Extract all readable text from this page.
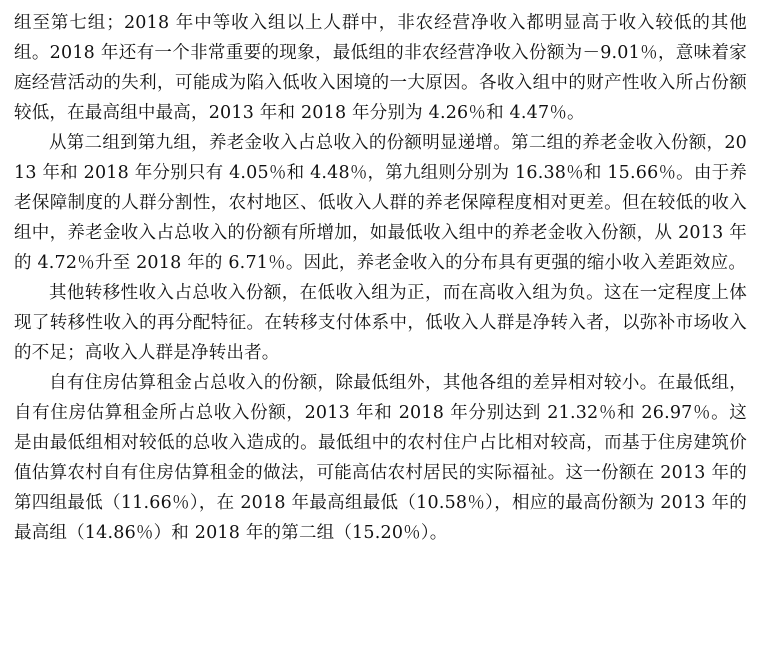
组至第七组；2018 年中等收入组以上人群中，非农经营净收入都明显高于收入较低的其他组。2018 年还有一个非常重要的现象，最低组的非农经营净收入份额为－9.01％，意味着家庭经营活动的失利，可能成为陷入低收入困境的一大原因。各收入组中的财产性收入所占份额较低，在最高组中最高，2013 年和 2018 年分别为 4.26％和 4.47％。

从第二组到第九组，养老金收入占总收入的份额明显递增。第二组的养老金收入份额，2013 年和 2018 年分别只有 4.05％和 4.48％，第九组则分别为 16.38％和 15.66％。由于养老保障制度的人群分割性，农村地区、低收入人群的养老保障程度相对更差。但在较低的收入组中，养老金收入占总收入的份额有所增加，如最低收入组中的养老金收入份额，从 2013 年的 4.72％升至 2018 年的 6.71％。因此，养老金收入的分布具有更强的缩小收入差距效应。

其他转移性收入占总收入份额，在低收入组为正，而在高收入组为负。这在一定程度上体现了转移性收入的再分配特征。在转移支付体系中，低收入人群是净转入者，以弥补市场收入的不足；高收入人群是净转出者。

自有住房估算租金占总收入的份额，除最低组外，其他各组的差异相对较小。在最低组，自有住房估算租金所占总收入份额，2013 年和 2018 年分别达到 21.32％和 26.97％。这是由最低组相对较低的总收入造成的。最低组中的农村住户占比相对较高，而基于住房建筑价值估算农村自有住房估算租金的做法，可能高估农村居民的实际福祉。这一份额在 2013 年的第四组最低（11.66％），在 2018 年最高组最低（10.58％），相应的最高份额为 2013 年的最高组（14.86％）和 2018 年的第二组（15.20％）。
